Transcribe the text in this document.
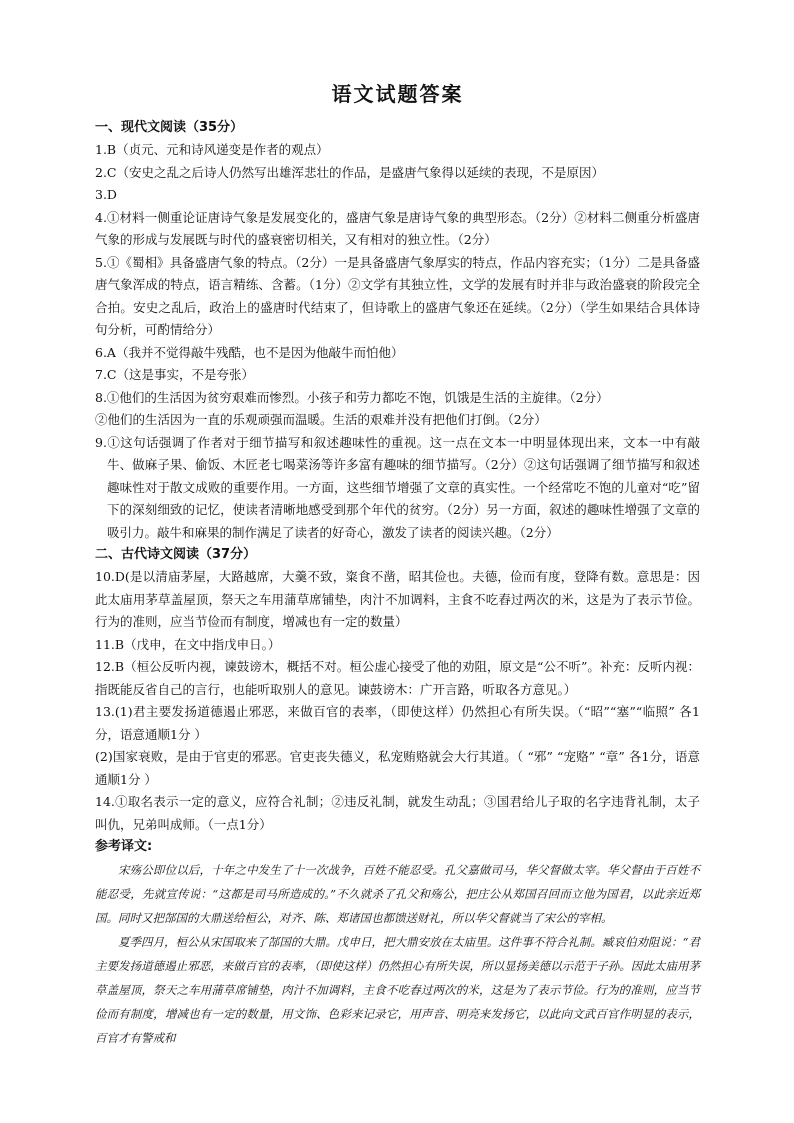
语文试题答案
一、现代文阅读（35分）

1.B（贞元、元和诗风递变是作者的观点）

2.C（安史之乱之后诗人仍然写出雄浑悲壮的作品，是盛唐气象得以延续的表现，不是原因）

3.D

4.①材料一侧重论证唐诗气象是发展变化的，盛唐气象是唐诗气象的典型形态。（2分）②材料二侧重分析盛唐气象的形成与发展既与时代的盛衰密切相关，又有相对的独立性。（2分）

5.①《蜀相》具备盛唐气象的特点。（2分）一是具备盛唐气象厚实的特点，作品内容充实；（1分）二是具备盛唐气象浑成的特点，语言精练、含蓄。（1分）②文学有其独立性，文学的发展有时并非与政治盛衰的阶段完全合拍。安史之乱后，政治上的盛唐时代结束了，但诗歌上的盛唐气象还在延续。（2分）（学生如果结合具体诗句分析，可酌情给分）

6.A（我并不觉得敲牛残酷，也不是因为他敲牛而怕他）

7.C（这是事实，不是夸张）

8.①他们的生活因为贫穷艰难而惨烈。小孩子和劳力都吃不饱，饥饿是生活的主旋律。（2分）

②他们的生活因为一直的乐观顽强而温暖。生活的艰难并没有把他们打倒。（2分）

9.①这句话强调了作者对于细节描写和叙述趣味性的重视。这一点在文本一中明显体现出来，文本一中有敲牛、做麻子果、偷饭、木匠老七喝菜汤等许多富有趣味的细节描写。（2分）②这句话强调了细节描写和叙述趣味性对于散文成败的重要作用。一方面，这些细节增强了文章的真实性。一个经常吃不饱的儿童对“吃”留下的深刻细致的记忆，使读者清晰地感受到那个年代的贫穷。（2分）另一方面，叙述的趣味性增强了文章的吸引力。敲牛和麻果的制作满足了读者的好奇心，激发了读者的阅读兴趣。（2分）

二、古代诗文阅读（37分）

10.D(是以清庙茅屋，大路越席，大羹不致，粢食不凿，昭其俭也。夫德，俭而有度，登降有数。意思是：因此太庙用茅草盖屋顶，祭天之车用蒲草席铺垫，肉汁不加调料，主食不吃舂过两次的米，这是为了表示节俭。行为的准则，应当节俭而有制度，增减也有一定的数量）

11.B（戊申，在文中指戊申日。）

12.B（桓公反听内视，谏鼓谤木，概括不对。桓公虚心接受了他的劝阻，原文是“公不听”。补充：反听内视：指既能反省自己的言行，也能听取别人的意见。谏鼓谤木：广开言路，听取各方意见。）

13.(1)君主要发扬道德遏止邪恶，来做百官的表率，（即使这样）仍然担心有所失误。（“昭”“塞”“临照” 各1分，语意通顺1分 ）

(2)国家衰败，是由于官吏的邪恶。官吏丧失德义，私宠贿赂就会大行其道。（ “邪” “宠赂” “章” 各1分，语意通顺1分 ）

14.①取名表示一定的意义，应符合礼制；②违反礼制，就发生动乱；③国君给儿子取的名字违背礼制，太子叫仇，兄弟叫成师。（一点1分）

参考译文:

宋殇公即位以后，十年之中发生了十一次战争，百姓不能忍受。孔父嘉做司马，华父督做太宰。华父督由于百姓不能忍受，先就宣传说：“这都是司马所造成的。”不久就杀了孔父和殇公，把庄公从郑国召回而立他为国君，以此亲近郑国。同时又把郜国的大鼎送给桓公，对齐、陈、郑诸国也都馈送财礼，所以华父督就当了宋公的宰相。

夏季四月，桓公从宋国取来了郜国的大鼎。戊申日，把大鼎安放在太庙里。这件事不符合礼制。臧哀伯劝阻说：“君主要发扬道德遏止邪恶，来做百官的表率，（即使这样）仍然担心有所失误，所以显扬美德以示范于子孙。因此太庙用茅草盖屋顶，祭天之车用蒲草席铺垫，肉汁不加调料，主食不吃舂过两次的米，这是为了表示节俭。行为的准则，应当节俭而有制度，增减也有一定的数量，用文饰、色彩来记录它，用声音、明亮来发扬它，以此向文武百官作明显的表示，百官才有警戒和
